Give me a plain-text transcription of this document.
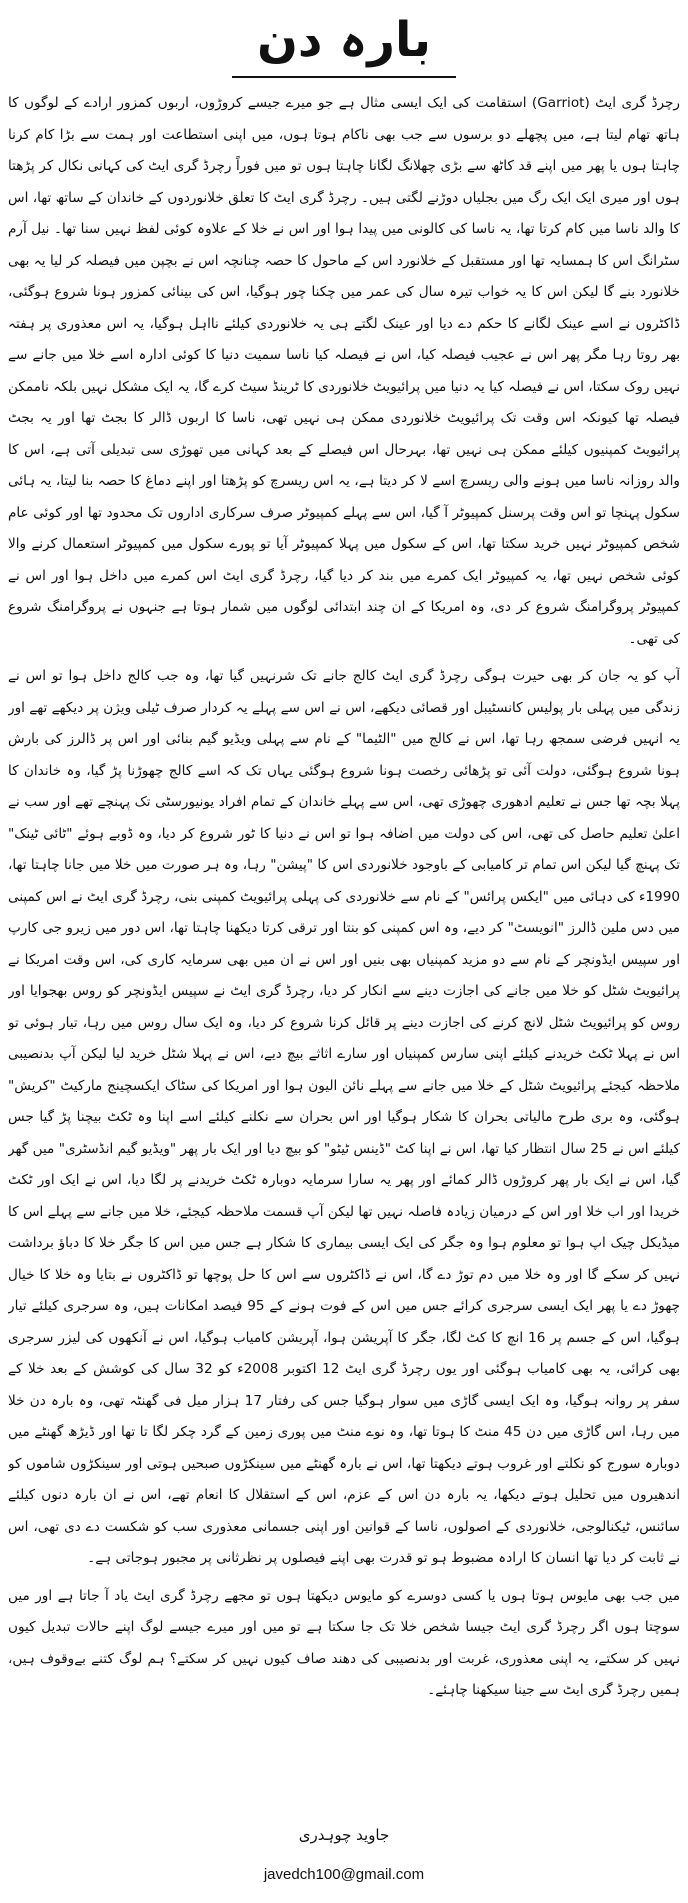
بارہ دن

رچرڈ گری ایٹ (Garriot) استقامت کی ایک ایسی مثال ہے جو میرے جیسے کروڑوں، اربوں کمزور ارادے کے لوگوں کا ہاتھ تھام لیتا ہے، میں پچھلے دو برسوں سے جب بھی ناکام ہوتا ہوں، میں اپنی استطاعت اور ہمت سے بڑا کام کرنا چاہتا ہوں یا پھر میں اپنے قد کاٹھ سے بڑی چھلانگ لگانا چاہتا ہوں تو میں فوراً رچرڈ گری ایٹ کی کہانی نکال کر پڑھتا ہوں اور میری ایک ایک رگ میں بجلیاں دوڑنے لگتی ہیں۔ رچرڈ گری ایٹ کا تعلق خلانوردوں کے خاندان کے ساتھ تھا، اس کا والد ناسا میں کام کرتا تھا، یہ ناسا کی کالونی میں پیدا ہوا اور اس نے خلا کے علاوہ کوئی لفظ نہیں سنا تھا۔ نیل آرم سٹرانگ اس کا ہمسایہ تھا اور مستقبل کے خلانورد اس کے ماحول کا حصہ چنانچہ اس نے بچپن میں فیصلہ کر لیا یہ بھی خلانورد بنے گا لیکن اس کا یہ خواب تیرہ سال کی عمر میں چکنا چور ہوگیا، اس کی بینائی کمزور ہونا شروع ہوگئی، ڈاکٹروں نے اسے عینک لگانے کا حکم دے دیا اور عینک لگتے ہی یہ خلانوردی کیلئے نااہل ہوگیا، یہ اس معذوری پر ہفتہ بھر روتا رہا مگر پھر اس نے عجیب فیصلہ کیا، اس نے فیصلہ کیا ناسا سمیت دنیا کا کوئی ادارہ اسے خلا میں جانے سے نہیں روک سکتا، اس نے فیصلہ کیا یہ دنیا میں پرائیویٹ خلانوردی کا ٹرینڈ سیٹ کرے گا، یہ ایک مشکل نہیں بلکہ ناممکن فیصلہ تھا کیونکہ اس وقت تک پرائیویٹ خلانوردی ممکن ہی نہیں تھی، ناسا کا اربوں ڈالر کا بجٹ تھا اور یہ بجٹ پرائیویٹ کمپنیوں کیلئے ممکن ہی نہیں تھا، بہرحال اس فیصلے کے بعد کہانی میں تھوڑی سی تبدیلی آتی ہے، اس کا والد روزانہ ناسا میں ہونے والی ریسرچ اسے لا کر دیتا ہے، یہ اس ریسرچ کو پڑھتا اور اپنے دماغ کا حصہ بنا لیتا، یہ ہائی سکول پہنچا تو اس وقت پرسنل کمپیوٹر آ گیا، اس سے پہلے کمپیوٹر صرف سرکاری اداروں تک محدود تھا اور کوئی عام شخص کمپیوٹر نہیں خرید سکتا تھا، اس کے سکول میں پہلا کمپیوٹر آیا تو پورے سکول میں کمپیوٹر استعمال کرنے والا کوئی شخص نہیں تھا، یہ کمپیوٹر ایک کمرے میں بند کر دیا گیا، رچرڈ گری ایٹ اس کمرے میں داخل ہوا اور اس نے کمپیوٹر پروگرامنگ شروع کر دی، وہ امریکا کے ان چند ابتدائی لوگوں میں شمار ہوتا ہے جنہوں نے پروگرامنگ شروع کی تھی۔

آپ کو یہ جان کر بھی حیرت ہوگی رچرڈ گری ایٹ کالج جانے تک شرنہیں گیا تھا، وہ جب کالج داخل ہوا تو اس نے زندگی میں پہلی بار پولیس کانسٹیبل اور قصائی دیکھے، اس نے اس سے پہلے یہ کردار صرف ٹیلی ویژن پر دیکھے تھے اور یہ انہیں فرضی سمجھ رہا تھا، اس نے کالج میں "الٹیما" کے نام سے پہلی ویڈیو گیم بنائی اور اس پر ڈالرز کی بارش ہونا شروع ہوگئی، دولت آئی تو پڑھائی رخصت ہونا شروع ہوگئی یہاں تک کہ اسے کالج چھوڑنا پڑ گیا، وہ خاندان کا پہلا بچہ تھا جس نے تعلیم ادھوری چھوڑی تھی، اس سے پہلے خاندان کے تمام افراد یونیورسٹی تک پہنچے تھے اور سب نے اعلیٰ تعلیم حاصل کی تھی، اس کی دولت میں اضافہ ہوا تو اس نے دنیا کا ٹور شروع کر دیا، وہ ڈوبے ہوئے "ٹائی ٹینک" تک پہنچ گیا لیکن اس تمام تر کامیابی کے باوجود خلانوردی اس کا "پیشن" رہا، وہ ہر صورت میں خلا میں جانا چاہتا تھا، 1990ء کی دہائی میں "ایکس پرائس" کے نام سے خلانوردی کی پہلی پرائیویٹ کمپنی بنی، رچرڈ گری ایٹ نے اس کمپنی میں دس ملین ڈالرز "انویسٹ" کر دیے، وہ اس کمپنی کو بنتا اور ترقی کرتا دیکھنا چاہتا تھا، اس دور میں زیرو جی کارپ اور سپیس ایڈونچر کے نام سے دو مزید کمپنیاں بھی بنیں اور اس نے ان میں بھی سرمایہ کاری کی، اس وقت امریکا نے پرائیویٹ شٹل کو خلا میں جانے کی اجازت دینے سے انکار کر دیا، رچرڈ گری ایٹ نے سپیس ایڈونچر کو روس بھجوایا اور روس کو پرائیویٹ شٹل لانچ کرنے کی اجازت دینے پر قائل کرنا شروع کر دیا، وہ ایک سال روس میں رہا، تیار ہوئی تو اس نے پہلا ٹکٹ خریدنے کیلئے اپنی سارس کمپنیاں اور سارے اثاثے بیچ دیے، اس نے پہلا شٹل خرید لیا لیکن آپ بدنصیبی ملاحظہ کیجئے پرائیویٹ شٹل کے خلا میں جانے سے پہلے نائن الیون ہوا اور امریکا کی سٹاک ایکسچینج مارکیٹ "کریش" ہوگئی، وہ بری طرح مالیاتی بحران کا شکار ہوگیا اور اس بحران سے نکلنے کیلئے اسے اپنا وہ ٹکٹ بیچنا پڑ گیا جس کیلئے اس نے 25 سال انتظار کیا تھا، اس نے اپنا کٹ "ڈینس ٹیٹو" کو بیچ دیا اور ایک بار پھر "ویڈیو گیم انڈسٹری" میں گھر گیا، اس نے ایک بار پھر کروڑوں ڈالر کمائے اور پھر یہ سارا سرمایہ دوبارہ ٹکٹ خریدنے پر لگا دیا، اس نے ایک اور ٹکٹ خریدا اور اب خلا اور اس کے درمیان زیادہ فاصلہ نہیں تھا لیکن آپ قسمت ملاحظہ کیجئے، خلا میں جانے سے پہلے اس کا میڈیکل چیک اپ ہوا تو معلوم ہوا وہ جگر کی ایک ایسی بیماری کا شکار ہے جس میں اس کا جگر خلا کا دباؤ برداشت نہیں کر سکے گا اور وہ خلا میں دم توڑ دے گا، اس نے ڈاکٹروں سے اس کا حل پوچھا تو ڈاکٹروں نے بتایا وہ خلا کا خیال چھوڑ دے یا پھر ایک ایسی سرجری کرائے جس میں اس کے فوت ہونے کے 95 فیصد امکانات ہیں، وہ سرجری کیلئے تیار ہوگیا، اس کے جسم پر 16 انچ کا کٹ لگا، جگر کا آپریشن ہوا، آپریشن کامیاب ہوگیا، اس نے آنکھوں کی لیزر سرجری بھی کرائی، یہ بھی کامیاب ہوگئی اور یوں رچرڈ گری ایٹ 12 اکتوبر 2008ء کو 32 سال کی کوشش کے بعد خلا کے سفر پر روانہ ہوگیا، وہ ایک ایسی گاڑی میں سوار ہوگیا جس کی رفتار 17 ہزار میل فی گھنٹہ تھی، وہ بارہ دن خلا میں رہا، اس گاڑی میں دن 45 منٹ کا ہوتا تھا، وہ نوے منٹ میں پوری زمین کے گرد چکر لگا تا تھا اور ڈیڑھ گھنٹے میں دوبارہ سورج کو نکلتے اور غروب ہوتے دیکھتا تھا، اس نے بارہ گھنٹے میں سینکڑوں صبحیں ہوتی اور سینکڑوں شاموں کو اندھیروں میں تحلیل ہوتے دیکھا، یہ بارہ دن اس کے عزم، اس کے استقلال کا انعام تھے، اس نے ان بارہ دنوں کیلئے سائنس، ٹیکنالوجی، خلانوردی کے اصولوں، ناسا کے قوانین اور اپنی جسمانی معذوری سب کو شکست دے دی تھی، اس نے ثابت کر دیا تھا انسان کا ارادہ مضبوط ہو تو قدرت بھی اپنے فیصلوں پر نظرثانی پر مجبور ہوجاتی ہے۔

میں جب بھی مایوس ہوتا ہوں یا کسی دوسرے کو مایوس دیکھتا ہوں تو مجھے رچرڈ گری ایٹ یاد آ جاتا ہے اور میں سوچتا ہوں اگر رچرڈ گری ایٹ جیسا شخص خلا تک جا سکتا ہے تو میں اور میرے جیسے لوگ اپنے حالات تبدیل کیوں نہیں کر سکتے، یہ اپنی معذوری، غربت اور بدنصیبی کی دھند صاف کیوں نہیں کر سکتے؟ ہم لوگ کتنے بےوقوف ہیں، ہمیں رچرڈ گری ایٹ سے جینا سیکھنا چاہئے۔

جاوید چوہدری
javedch100@gmail.com
